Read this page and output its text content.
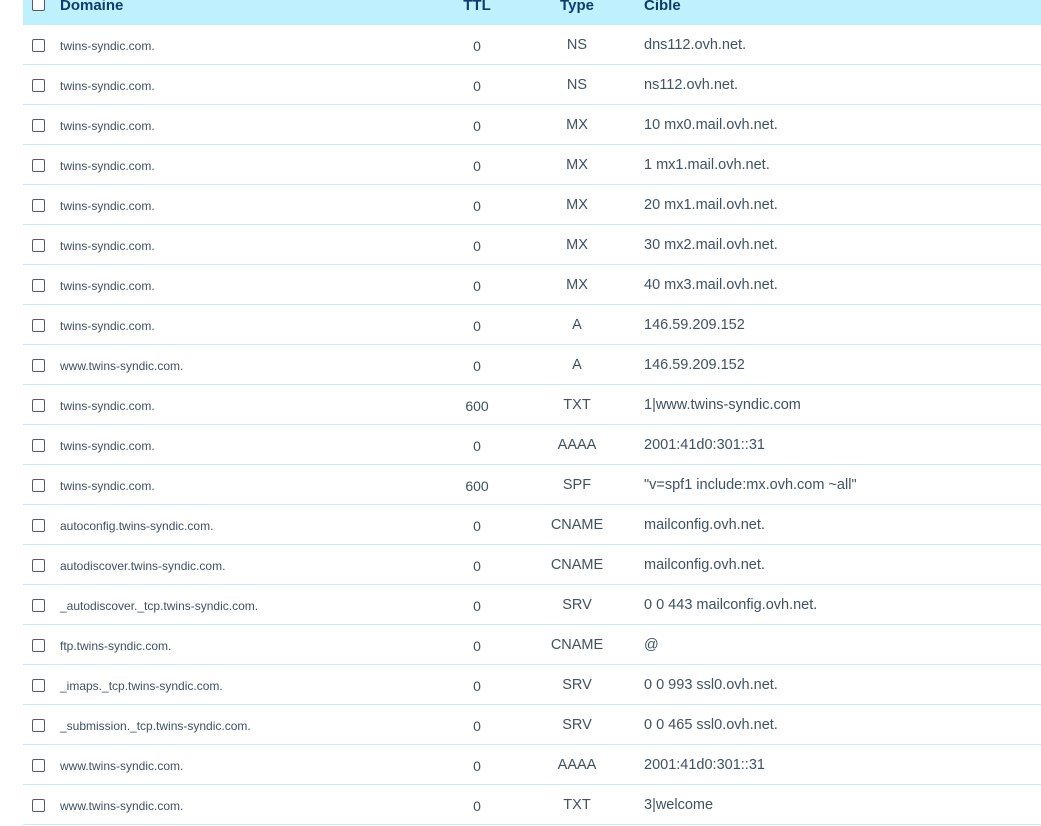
Domaine	TTL	Type	Cible
twins-syndic.com.	0	NS	dns112.ovh.net.
twins-syndic.com.	0	NS	ns112.ovh.net.
twins-syndic.com.	0	MX	10 mx0.mail.ovh.net.
twins-syndic.com.	0	MX	1 mx1.mail.ovh.net.
twins-syndic.com.	0	MX	20 mx1.mail.ovh.net.
twins-syndic.com.	0	MX	30 mx2.mail.ovh.net.
twins-syndic.com.	0	MX	40 mx3.mail.ovh.net.
twins-syndic.com.	0	A	146.59.209.152
www.twins-syndic.com.	0	A	146.59.209.152
twins-syndic.com.	600	TXT	1|www.twins-syndic.com
twins-syndic.com.	0	AAAA	2001:41d0:301::31
twins-syndic.com.	600	SPF	"v=spf1 include:mx.ovh.com ~all"
autoconfig.twins-syndic.com.	0	CNAME	mailconfig.ovh.net.
autodiscover.twins-syndic.com.	0	CNAME	mailconfig.ovh.net.
_autodiscover._tcp.twins-syndic.com.	0	SRV	0 0 443 mailconfig.ovh.net.
ftp.twins-syndic.com.	0	CNAME	@
_imaps._tcp.twins-syndic.com.	0	SRV	0 0 993 ssl0.ovh.net.
_submission._tcp.twins-syndic.com.	0	SRV	0 0 465 ssl0.ovh.net.
www.twins-syndic.com.	0	AAAA	2001:41d0:301::31
www.twins-syndic.com.	0	TXT	3|welcome
